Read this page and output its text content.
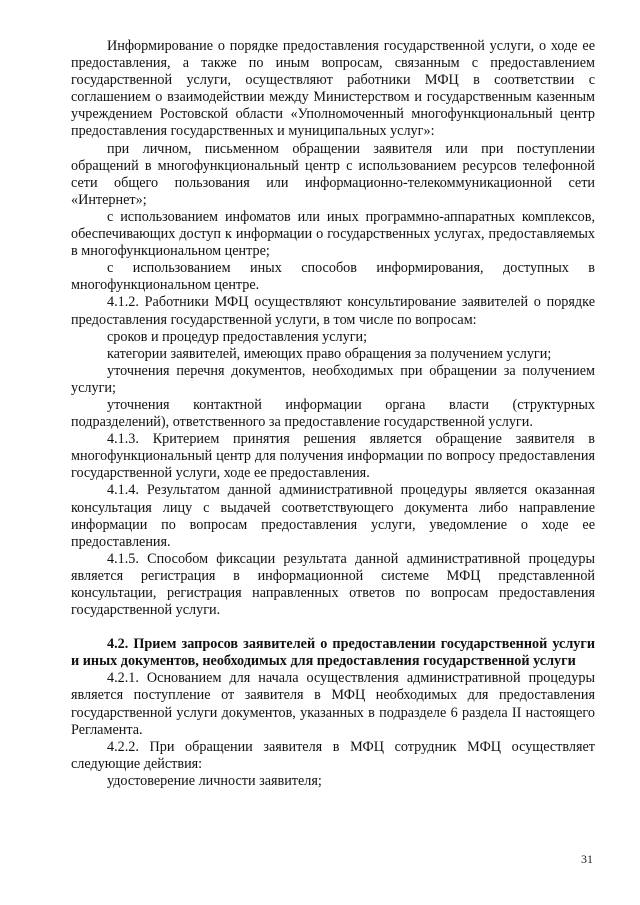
Информирование о порядке предоставления государственной услуги, о ходе ее предоставления, а также по иным вопросам, связанным с предоставлением государственной услуги, осуществляют работники МФЦ в соответствии с соглашением о взаимодействии между Министерством и государственным казенным учреждением Ростовской области «Уполномоченный многофункциональный центр предоставления государственных и муниципальных услуг»:

при личном, письменном обращении заявителя или при поступлении обращений в многофункциональный центр с использованием ресурсов телефонной сети общего пользования или информационно-телекоммуникационной сети «Интернет»;

с использованием инфоматов или иных программно-аппаратных комплексов, обеспечивающих доступ к информации о государственных услугах, предоставляемых в многофункциональном центре;

с использованием иных способов информирования, доступных в многофункциональном центре.

4.1.2. Работники МФЦ осуществляют консультирование заявителей о порядке предоставления государственной услуги, в том числе по вопросам:

сроков и процедур предоставления услуги;

категории заявителей, имеющих право обращения за получением услуги;

уточнения перечня документов, необходимых при обращении за получением услуги;

уточнения контактной информации органа власти (структурных подразделений), ответственного за предоставление государственной услуги.

4.1.3. Критерием принятия решения является обращение заявителя в многофункциональный центр для получения информации по вопросу предоставления государственной услуги, ходе ее предоставления.

4.1.4. Результатом данной административной процедуры является оказанная консультация лицу с выдачей соответствующего документа либо направление информации по вопросам предоставления услуги, уведомление о ходе ее предоставления.

4.1.5. Способом фиксации результата данной административной процедуры является регистрация в информационной системе МФЦ представленной консультации, регистрация направленных ответов по вопросам предоставления государственной услуги.

4.2. Прием запросов заявителей о предоставлении государственной услуги и иных документов, необходимых для предоставления государственной услуги

4.2.1. Основанием для начала осуществления административной процедуры является поступление от заявителя в МФЦ необходимых для предоставления государственной услуги документов, указанных в подразделе 6 раздела II настоящего Регламента.

4.2.2. При обращении заявителя в МФЦ сотрудник МФЦ осуществляет следующие действия:

удостоверение личности заявителя;

31
